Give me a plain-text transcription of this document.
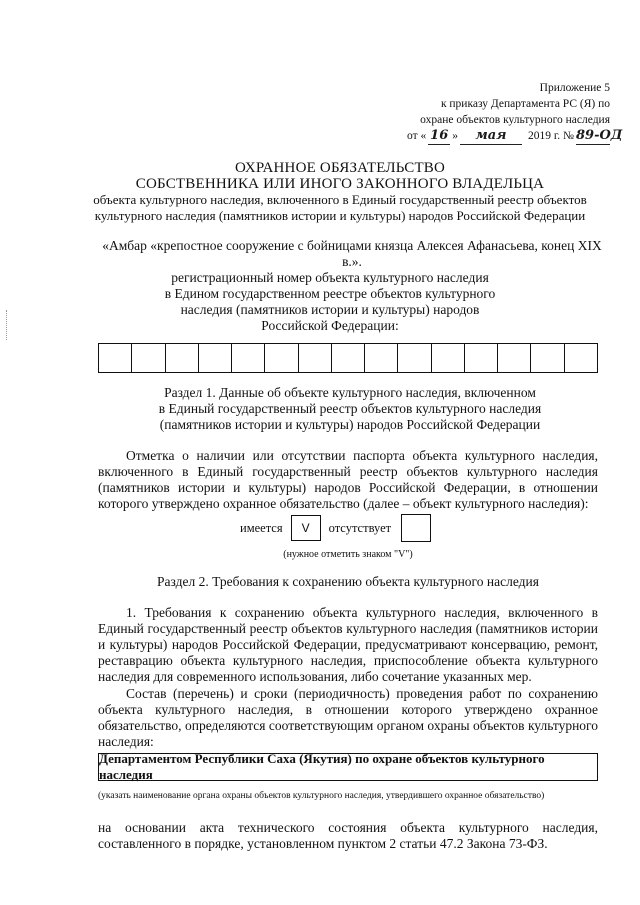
Приложение 5
к приказу Департамента РС (Я) по
охране объектов культурного наследия
от « 16 »	мая	2019 г. № 89-ОД
ОХРАННОЕ ОБЯЗАТЕЛЬСТВО
СОБСТВЕННИКА ИЛИ ИНОГО ЗАКОННОГО ВЛАДЕЛЬЦА
объекта культурного наследия, включенного в Единый государственный реестр объектов
культурного наследия (памятников истории и культуры) народов Российской Федерации
«Амбар «крепостное сооружение с бойницами князца Алексея Афанасьева, конец XIX в.».
регистрационный номер объекта культурного наследия
в Едином государственном реестре объектов культурного
наследия (памятников истории и культуры) народов
Российской Федерации:
Раздел 1. Данные об объекте культурного наследия, включенном
в Единый государственный реестр объектов культурного наследия
(памятников истории и культуры) народов Российской Федерации
Отметка о наличии или отсутствии паспорта объекта культурного наследия, включенного в Единый государственный реестр объектов культурного наследия (памятников истории и культуры) народов Российской Федерации, в отношении которого утверждено охранное обязательство (далее – объект культурного наследия):
имеется	V	отсутствует
(нужное отметить знаком "V")
Раздел 2. Требования к сохранению объекта культурного наследия
1. Требования к сохранению объекта культурного наследия, включенного в Единый государственный реестр объектов культурного наследия (памятников истории и культуры) народов Российской Федерации, предусматривают консервацию, ремонт, реставрацию объекта культурного наследия, приспособление объекта культурного наследия для современного использования, либо сочетание указанных мер.
Состав (перечень) и сроки (периодичность) проведения работ по сохранению объекта культурного наследия, в отношении которого утверждено охранное обязательство, определяются соответствующим органом охраны объектов культурного наследия:
Департаментом Республики Саха (Якутия) по охране объектов культурного наследия
(указать наименование органа охраны объектов культурного наследия, утвердившего охранное обязательство)
на основании акта технического состояния объекта культурного наследия, составленного в порядке, установленном пунктом 2 статьи 47.2 Закона 73-ФЗ.
